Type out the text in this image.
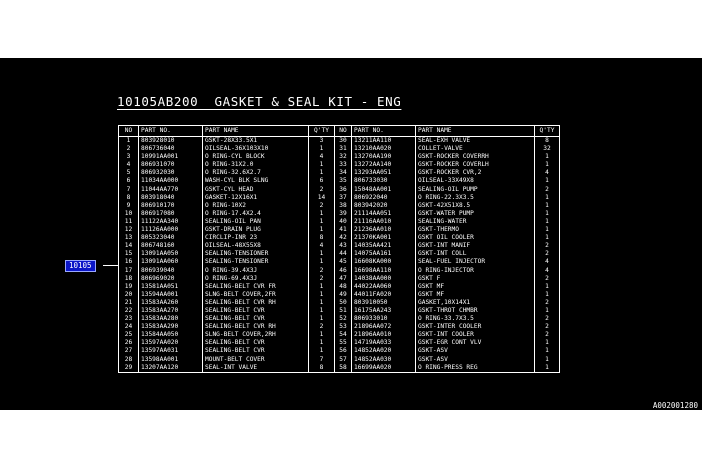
10105AB200  GASKET & SEAL KIT - ENG
NO	PART NO.	PART NAME	Q'TY	NO	PART NO.	PART NAME	Q'TY
1	803928010	GSKT-28X33.5X1	3	30	13211AA110	SEAL-EXH VALVE	8
2	806736040	OILSEAL-36X103X10	1	31	13210AA020	COLLET-VALVE	32
3	10991AA001	O RING-CYL BLOCK	4	32	13270AA190	GSKT-ROCKER COVERRH	1
4	806931070	O RING-31X2.0	1	33	13272AA140	GSKT-ROCKER COVERLH	1
5	806932030	O RING-32.6X2.7	1	34	13293AA051	GSKT-ROCKER CVR,2	4
6	11034AA000	WASH-CYL BLK SLNG	6	35	806733030	OILSEAL-33X49X8	1
7	11044AA770	GSKT-CYL HEAD	2	36	15048AA001	SEALING-OIL PUMP	2
8	803918040	GASKET-12X16X1	14	37	806922040	O RING-22.3X3.5	1
9	806910170	O RING-10X2	2	38	803942020	GSKT-42X51X8.5	1
10	806917080	O RING-17.4X2.4	1	39	21114AA051	GSKT-WATER PUMP	1
11	11122AA340	SEALING-OIL PAN	1	40	21116AA010	SEALING-WATER	1
12	11126AA000	GSKT-DRAIN PLUG	1	41	21236AA010	GSKT-THERMO	1
13	805323040	CIRCLIP-INR 23	8	42	21370KA001	GSKT OIL COOLER	1
14	806748160	OILSEAL-48X55X8	4	43	14035AA421	GSKT-INT MANIF	2
15	13091AA050	SEALING-TENSIONER	1	44	14075AA161	GSKT-INT COLL	2
16	13091AA060	SEALING-TENSIONER	1	45	16608KA000	SEAL-FUEL INJECTOR	4
17	806939040	O RING-39.4X3J	2	46	16698AA110	O RING-INJECTOR	4
18	806969020	O RING-69.4X3J	2	47	14038AA000	GSKT F	2
19	13581AA051	SEALING-BELT CVR FR	1	48	44022AA060	GSKT MF	1
20	13594AA001	SLNG-BELT COVER,2FR	1	49	44011FA020	GSKT MF	1
21	13583AA260	SEALING-BELT CVR RH	1	50	803910050	GASKET,10X14X1	2
22	13583AA270	SEALING-BELT CVR	1	51	16175AA243	GSKT-THROT CHMBR	1
23	13583AA280	SEALING-BELT CVR	1	52	806933010	O RING-33.7X3.5	2
24	13583AA290	SEALING-BELT CVR RH	2	53	21896AA072	GSKT-INTER COOLER	2
25	13584AA050	SLNG-BELT COVER,2RH	1	54	21896AA010	GSKT-INT COOLER	2
26	13597AA020	SEALING-BELT CVR	1	55	14719AA033	GSKT-EGR CONT VLV	1
27	13597AA031	SEALING-BELT CVR	1	56	14852AA020	GSKT-ASV	1
28	13598AA001	MOUNT-BELT COVER	7	57	14852AA030	GSKT-ASV	1
29	13207AA120	SEAL-INT VALVE	8	58	16699AA020	O RING-PRESS REG	1
10105
A002001280
